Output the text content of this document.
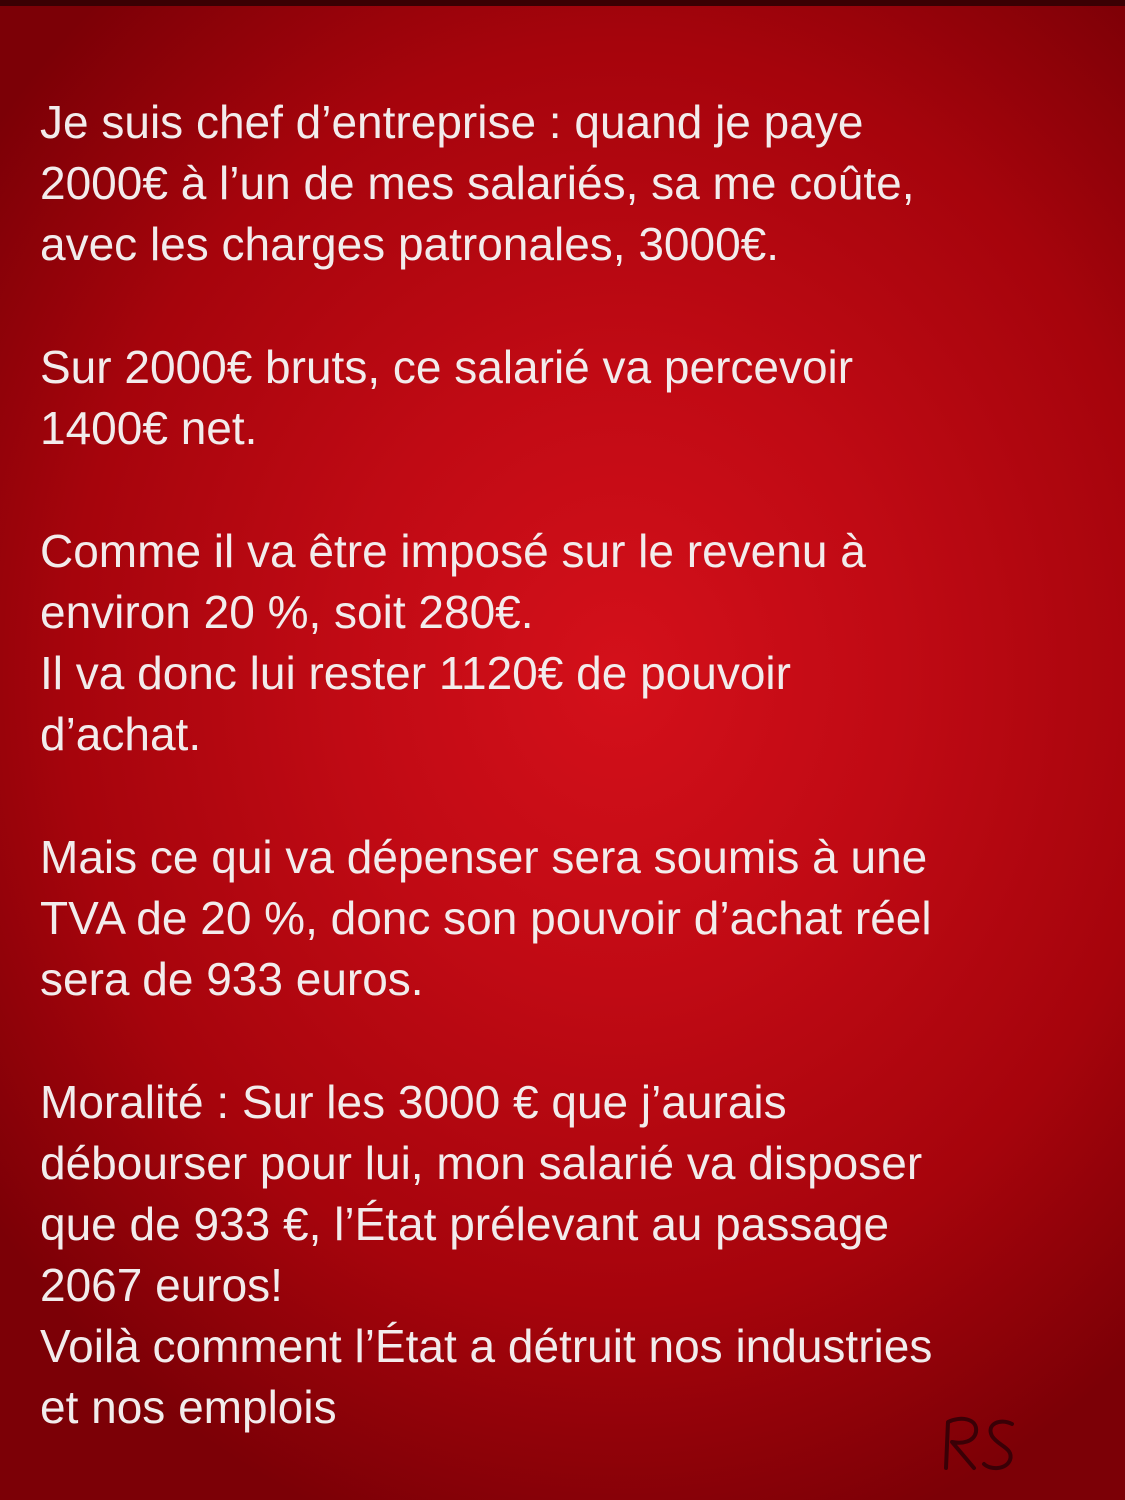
Je suis chef d’entreprise : quand je paye
2000€ à l’un de mes salariés, sa me coûte,
avec les charges patronales, 3000€.

Sur 2000€ bruts, ce salarié va percevoir
1400€ net.

Comme il va être imposé sur le revenu à
environ 20 %, soit 280€.
Il va donc lui rester 1120€ de pouvoir
d’achat.

Mais ce qui va dépenser sera soumis à une
TVA de 20 %, donc son pouvoir d’achat réel
sera de 933 euros.

Moralité : Sur les 3000 € que j’aurais
débourser pour lui, mon salarié va disposer
que de 933 €, l’État prélevant au passage
2067 euros!
Voilà comment l’État a détruit nos industries
et nos emplois
